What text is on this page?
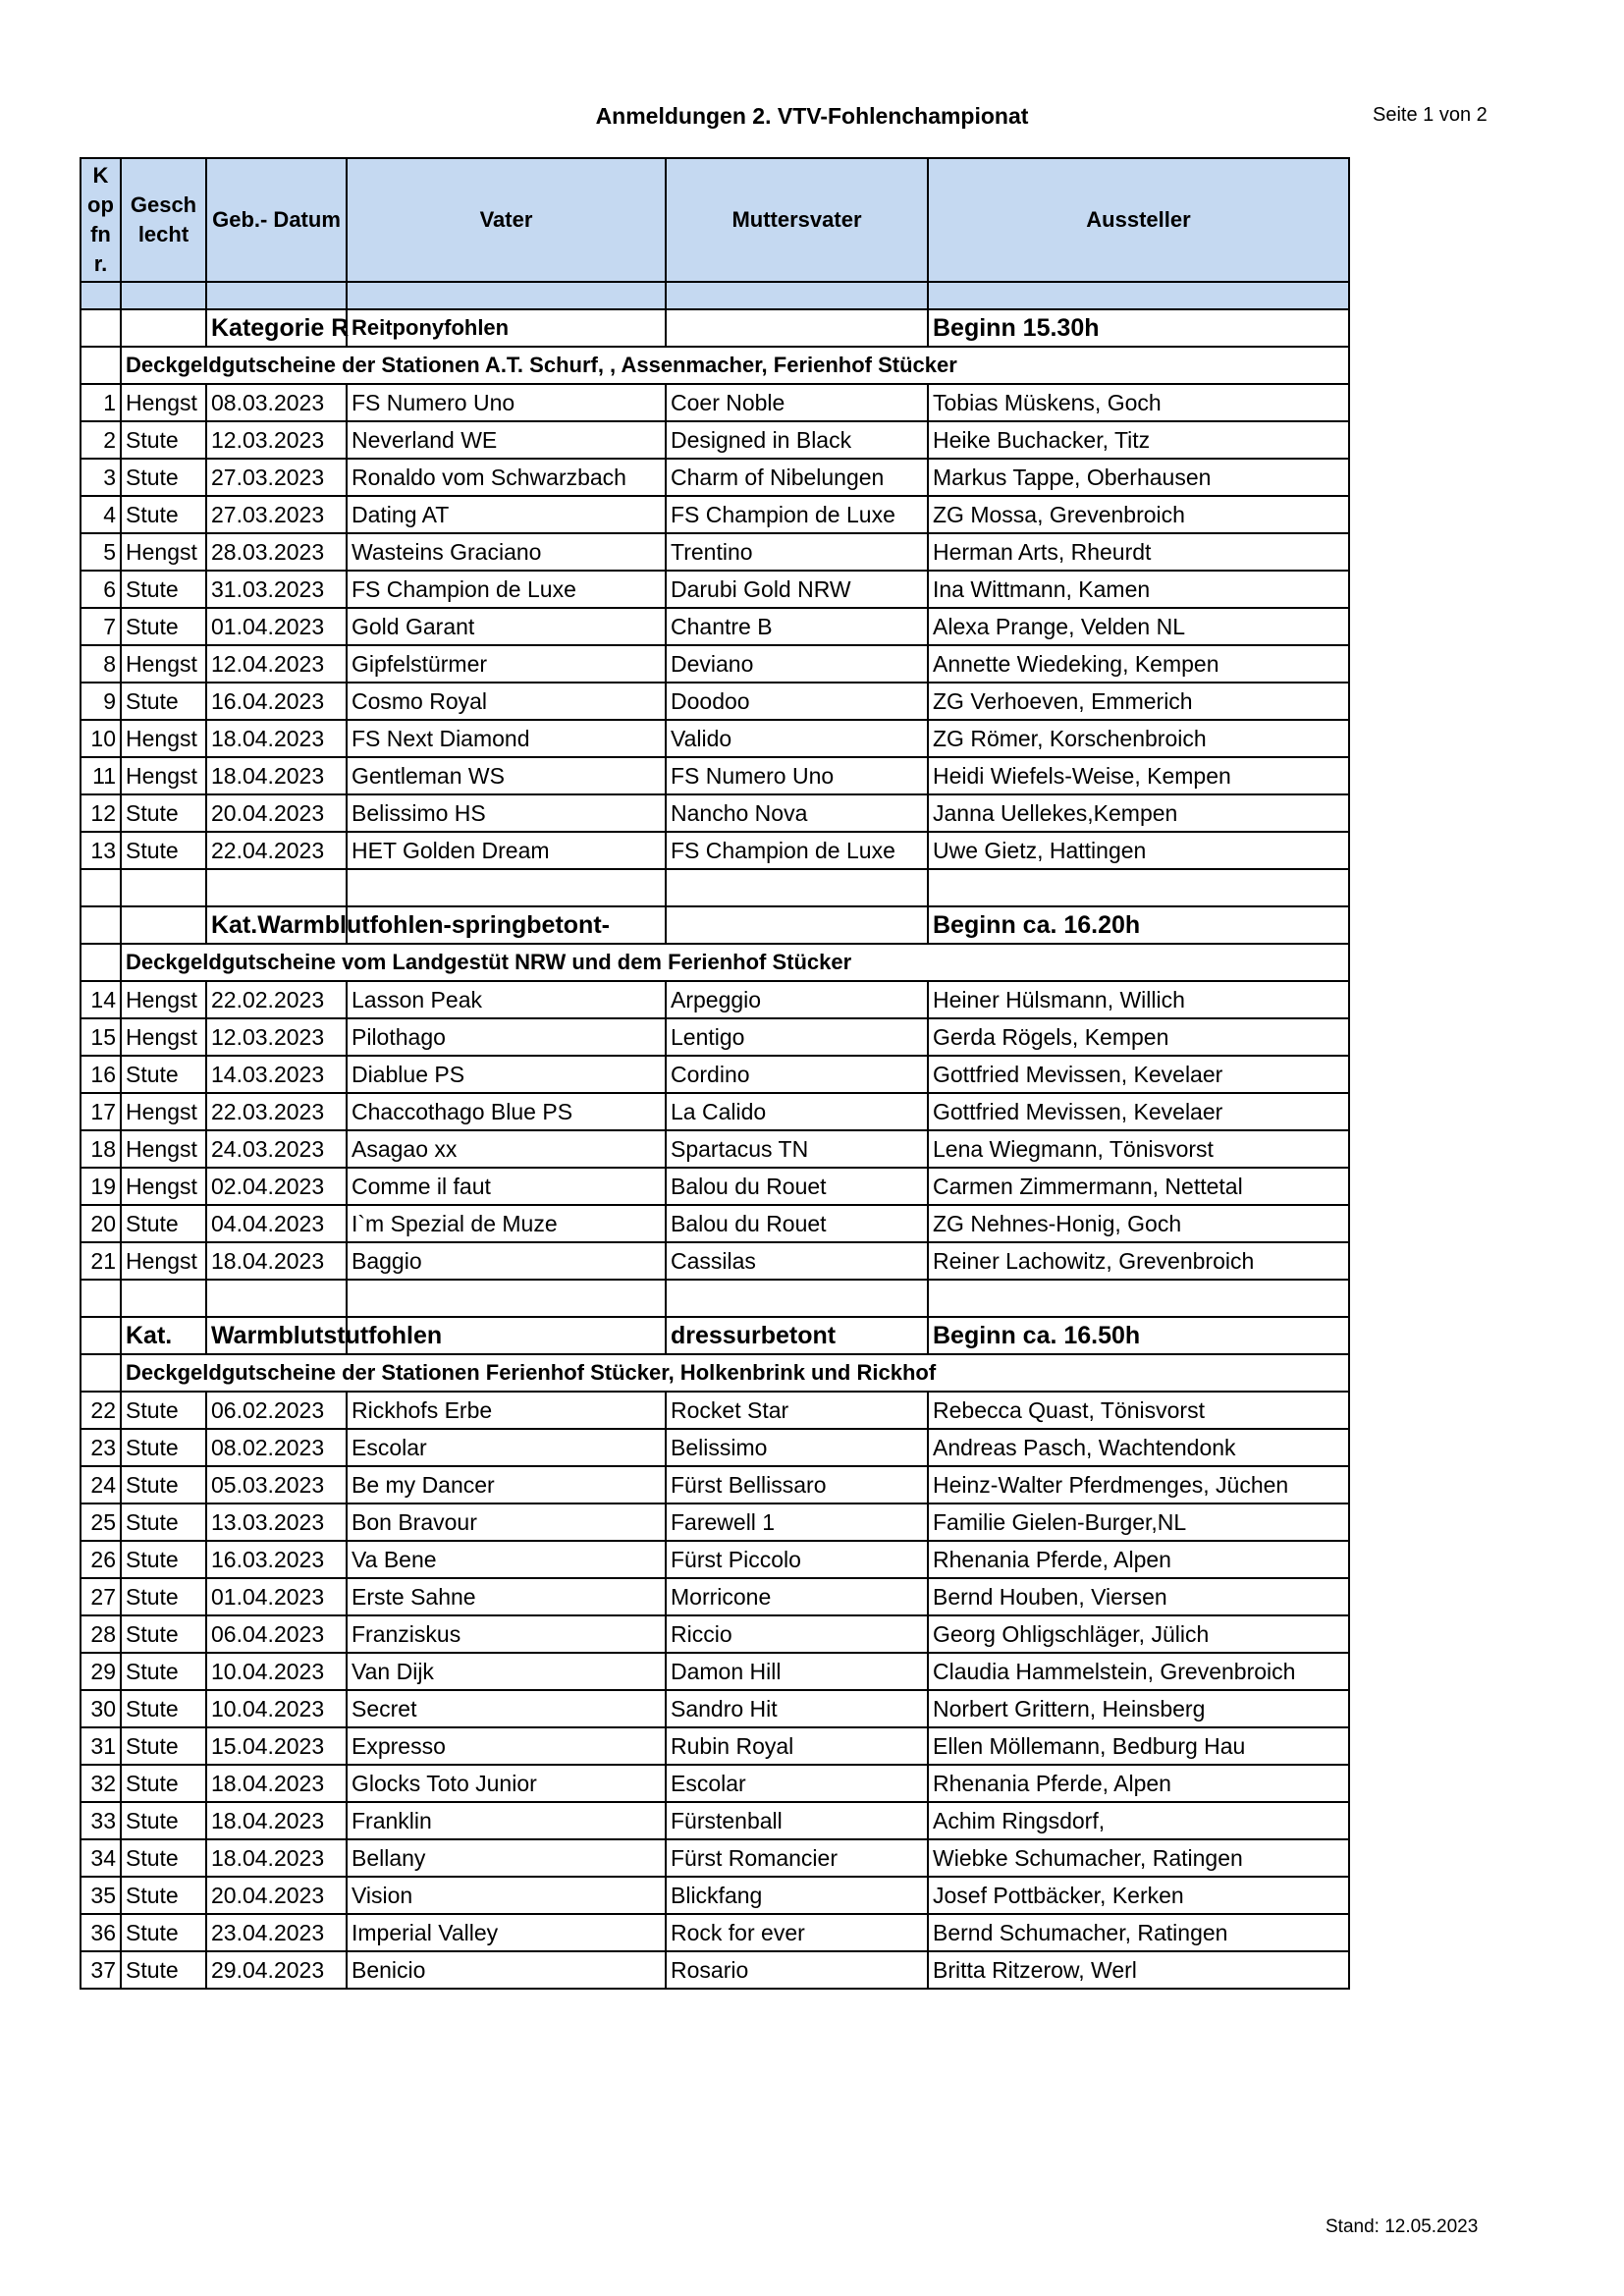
Anmeldungen 2. VTV-Fohlenchampionat	Seite 1 von 2
K op fn r.	Gesch lecht	Geb.- Datum	Vater	Muttersvater	Aussteller

		Kategorie R	Reitponyfohlen		Beginn 15.30h
	Deckgeldgutscheine der Stationen A.T. Schurf, , Assenmacher, Ferienhof Stücker				
1	Hengst	08.03.2023	FS Numero Uno	Coer Noble	Tobias Müskens, Goch
2	Stute	12.03.2023	Neverland WE	Designed in Black	Heike Buchacker, Titz
3	Stute	27.03.2023	Ronaldo vom Schwarzbach	Charm of Nibelungen	Markus Tappe, Oberhausen
4	Stute	27.03.2023	Dating AT	FS Champion de Luxe	ZG Mossa, Grevenbroich
5	Hengst	28.03.2023	Wasteins Graciano	Trentino	Herman Arts, Rheurdt
6	Stute	31.03.2023	FS Champion de Luxe	Darubi Gold NRW	Ina Wittmann, Kamen
7	Stute	01.04.2023	Gold Garant	Chantre B	Alexa Prange, Velden NL
8	Hengst	12.04.2023	Gipfelstürmer	Deviano	Annette Wiedeking, Kempen
9	Stute	16.04.2023	Cosmo Royal	Doodoo	ZG Verhoeven, Emmerich
10	Hengst	18.04.2023	FS Next Diamond	Valido	ZG Römer, Korschenbroich
11	Hengst	18.04.2023	Gentleman WS	FS Numero Uno	Heidi Wiefels-Weise, Kempen
12	Stute	20.04.2023	Belissimo HS	Nancho Nova	Janna Uellekes,Kempen
13	Stute	22.04.2023	HET Golden Dream	FS Champion de Luxe	Uwe Gietz, Hattingen

		Kat.Warmblutfohlen-springbetont-			Beginn ca. 16.20h
	Deckgeldgutscheine vom Landgestüt NRW und dem Ferienhof Stücker				
14	Hengst	22.02.2023	Lasson Peak	Arpeggio	Heiner Hülsmann, Willich
15	Hengst	12.03.2023	Pilothago	Lentigo	Gerda Rögels, Kempen
16	Stute	14.03.2023	Diablue PS	Cordino	Gottfried Mevissen, Kevelaer
17	Hengst	22.03.2023	Chaccothago Blue PS	La Calido	Gottfried Mevissen, Kevelaer
18	Hengst	24.03.2023	Asagao xx	Spartacus TN	Lena Wiegmann, Tönisvorst
19	Hengst	02.04.2023	Comme il faut	Balou du Rouet	Carmen Zimmermann, Nettetal
20	Stute	04.04.2023	I`m Spezial de Muze	Balou du Rouet	ZG Nehnes-Honig, Goch
21	Hengst	18.04.2023	Baggio	Cassilas	Reiner Lachowitz, Grevenbroich

	Kat.	Warmblutstutfohlen		dressurbetont	Beginn ca. 16.50h
	Deckgeldgutscheine der Stationen Ferienhof Stücker, Holkenbrink und Rickhof				
22	Stute	06.02.2023	Rickhofs Erbe	Rocket Star	Rebecca Quast, Tönisvorst
23	Stute	08.02.2023	Escolar	Belissimo	Andreas Pasch, Wachtendonk
24	Stute	05.03.2023	Be my Dancer	Fürst Bellissaro	Heinz-Walter Pferdmenges, Jüchen
25	Stute	13.03.2023	Bon Bravour	Farewell 1	Familie Gielen-Burger,NL
26	Stute	16.03.2023	Va Bene	Fürst Piccolo	Rhenania Pferde, Alpen
27	Stute	01.04.2023	Erste Sahne	Morricone	Bernd Houben, Viersen
28	Stute	06.04.2023	Franziskus	Riccio	Georg Ohligschläger, Jülich
29	Stute	10.04.2023	Van Dijk	Damon Hill	Claudia Hammelstein, Grevenbroich
30	Stute	10.04.2023	Secret	Sandro Hit	Norbert Grittern, Heinsberg
31	Stute	15.04.2023	Expresso	Rubin Royal	Ellen Möllemann, Bedburg Hau
32	Stute	18.04.2023	Glocks Toto Junior	Escolar	Rhenania Pferde, Alpen
33	Stute	18.04.2023	Franklin	Fürstenball	Achim Ringsdorf,
34	Stute	18.04.2023	Bellany	Fürst Romancier	Wiebke Schumacher, Ratingen
35	Stute	20.04.2023	Vision	Blickfang	Josef Pottbäcker, Kerken
36	Stute	23.04.2023	Imperial Valley	Rock for ever	Bernd Schumacher, Ratingen
37	Stute	29.04.2023	Benicio	Rosario	Britta Ritzerow, Werl
Stand: 12.05.2023
